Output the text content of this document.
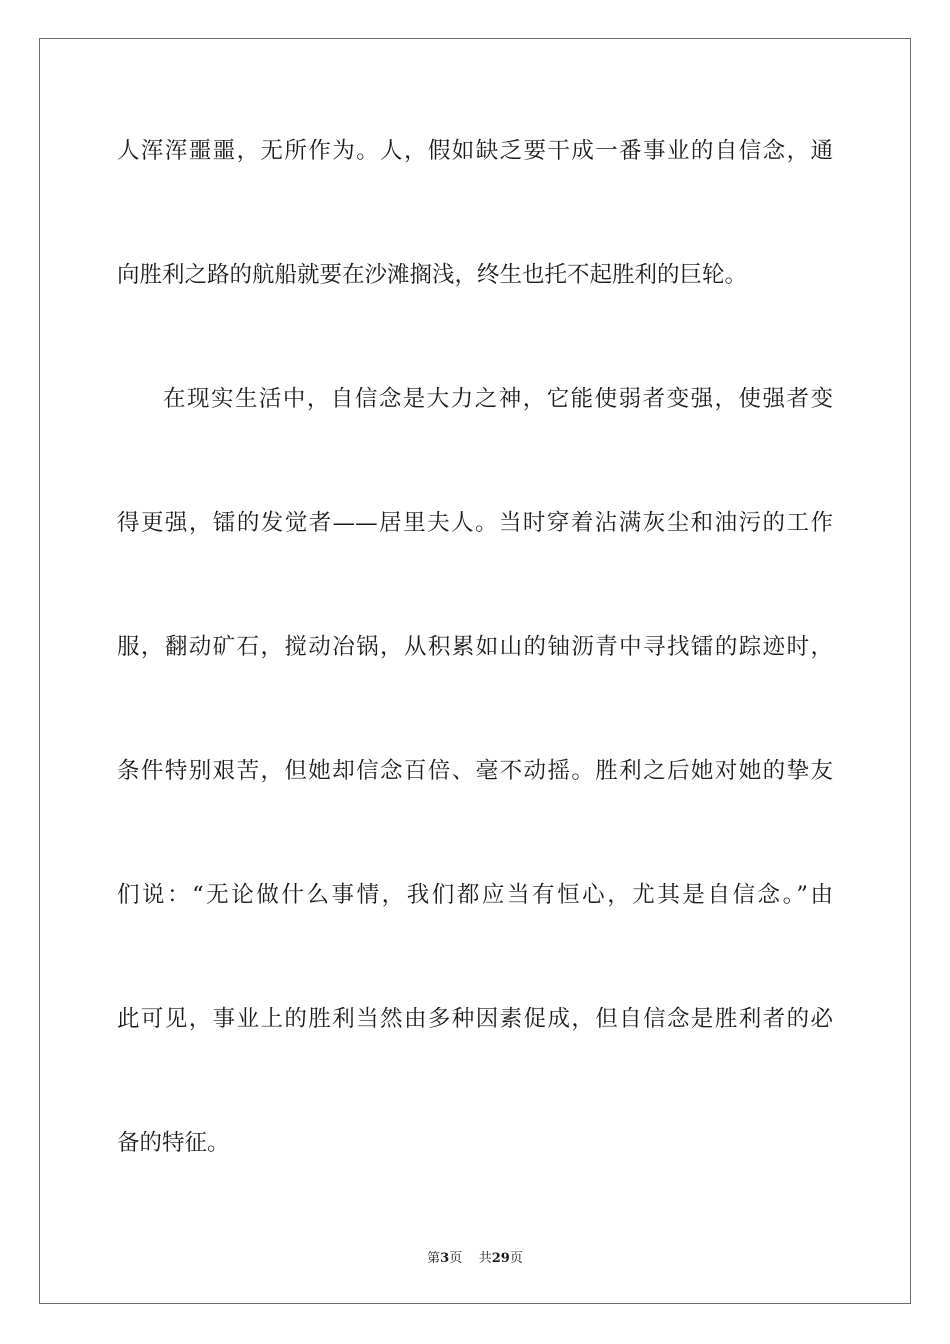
人浑浑噩噩，无所作为。人，假如缺乏要干成一番事业的自信念，通
向胜利之路的航船就要在沙滩搁浅，终生也托不起胜利的巨轮。
在现实生活中，自信念是大力之神，它能使弱者变强，使强者变
得更强，镭的发觉者——居里夫人。当时穿着沾满灰尘和油污的工作
服，翻动矿石，搅动冶锅，从积累如山的铀沥青中寻找镭的踪迹时，
条件特别艰苦，但她却信念百倍、毫不动摇。胜利之后她对她的挚友
们说：“无论做什么事情，我们都应当有恒心，尤其是自信念。”由
此可见，事业上的胜利当然由多种因素促成，但自信念是胜利者的必
备的特征。
第3页 共29页
